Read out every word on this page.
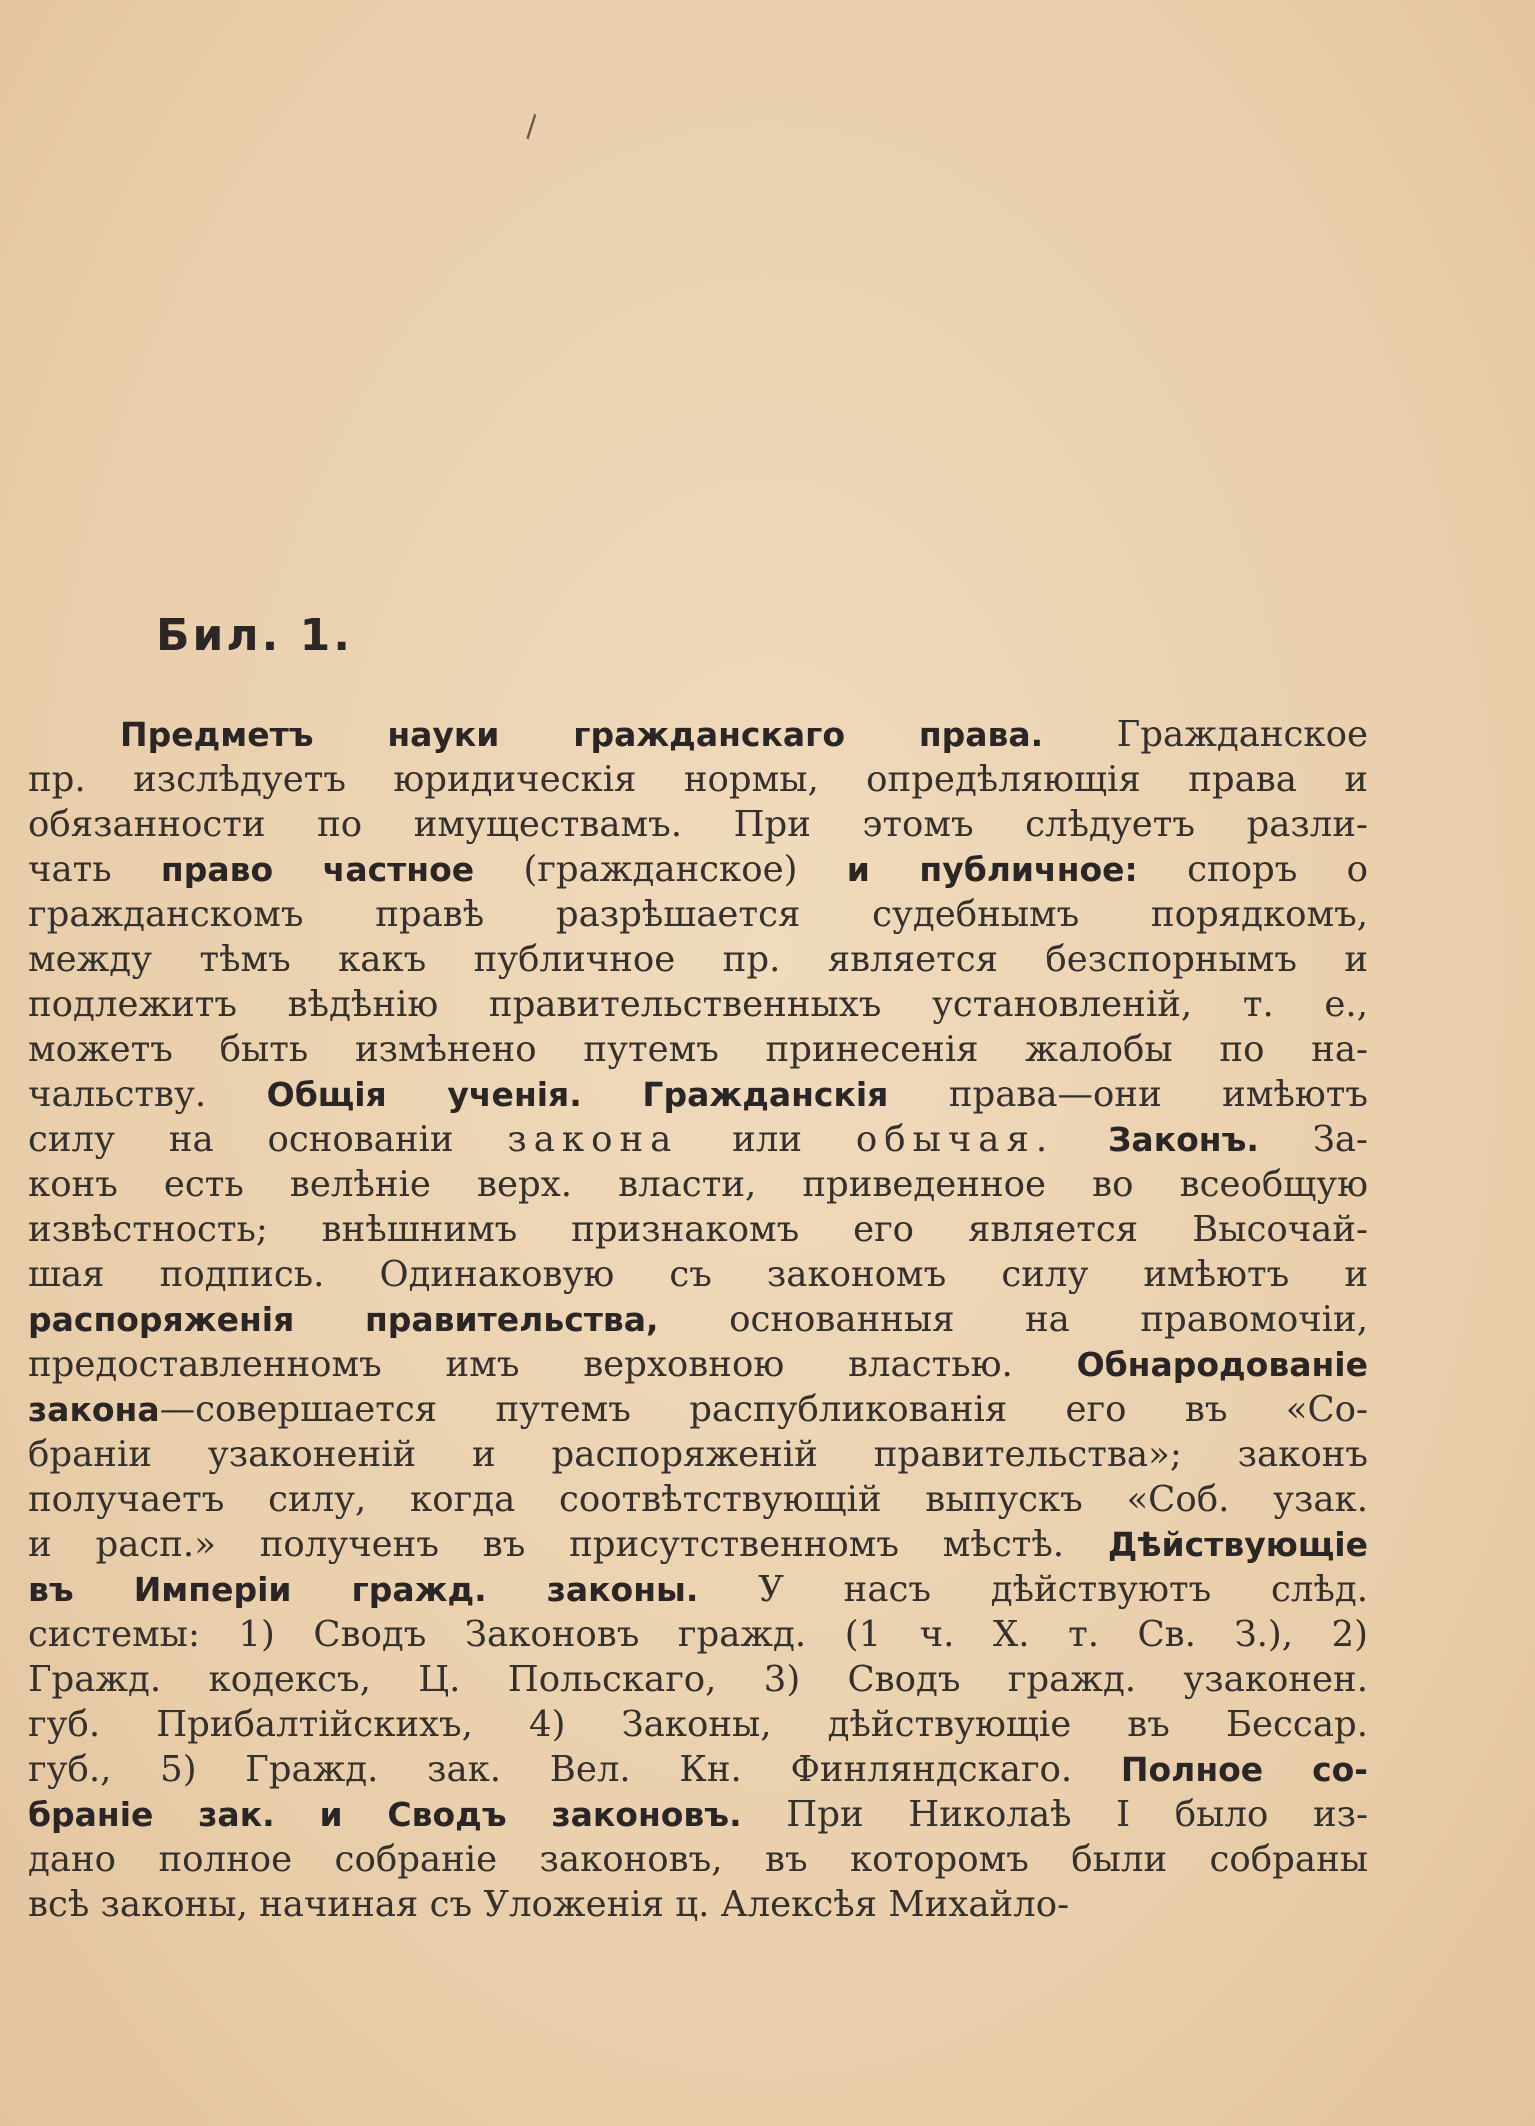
\
Бил. 1.
Предметъ науки гражданскаго права. Гражданское
пр. изслѣдуетъ юридическія нормы, опредѣляющія права и
обязанности по имуществамъ. При этомъ слѣдуетъ разли-
чать право частное (гражданское) и публичное: споръ о
гражданскомъ правѣ разрѣшается судебнымъ порядкомъ,
между тѣмъ какъ публичное пр. является безспорнымъ и
подлежитъ вѣдѣнію правительственныхъ установленій, т. е.,
можетъ быть измѣнено путемъ принесенія жалобы по на-
чальству. Общія ученія. Гражданскія права—они имѣютъ
силу на основаніи закона или обычая. Законъ. За-
конъ есть велѣніе верх. власти, приведенное во всеобщую
извѣстность; внѣшнимъ признакомъ его является Высочай-
шая подпись. Одинаковую съ закономъ силу имѣютъ и
распоряженія правительства, основанныя на правомочіи,
предоставленномъ имъ верховною властью. Обнародованіе
закона—совершается путемъ распубликованія его въ «Со-
браніи узаконеній и распоряженій правительства»; законъ
получаетъ силу, когда соотвѣтствующій выпускъ «Соб. узак.
и расп.» полученъ въ присутственномъ мѣстѣ. Дѣйствующіе
въ Имперіи гражд. законы. У насъ дѣйствуютъ слѣд.
системы: 1) Сводъ Законовъ гражд. (1 ч. X. т. Св. З.), 2)
Гражд. кодексъ, Ц. Польскаго, 3) Сводъ гражд. узаконен.
губ. Прибалтійскихъ, 4) Законы, дѣйствующіе въ Бессар.
губ., 5) Гражд. зак. Вел. Кн. Финляндскаго. Полное со-
браніе зак. и Сводъ законовъ. При Николаѣ I было из-
дано полное собраніе законовъ, въ которомъ были собраны
всѣ законы, начиная съ Уложенія ц. Алексѣя Михайло-
